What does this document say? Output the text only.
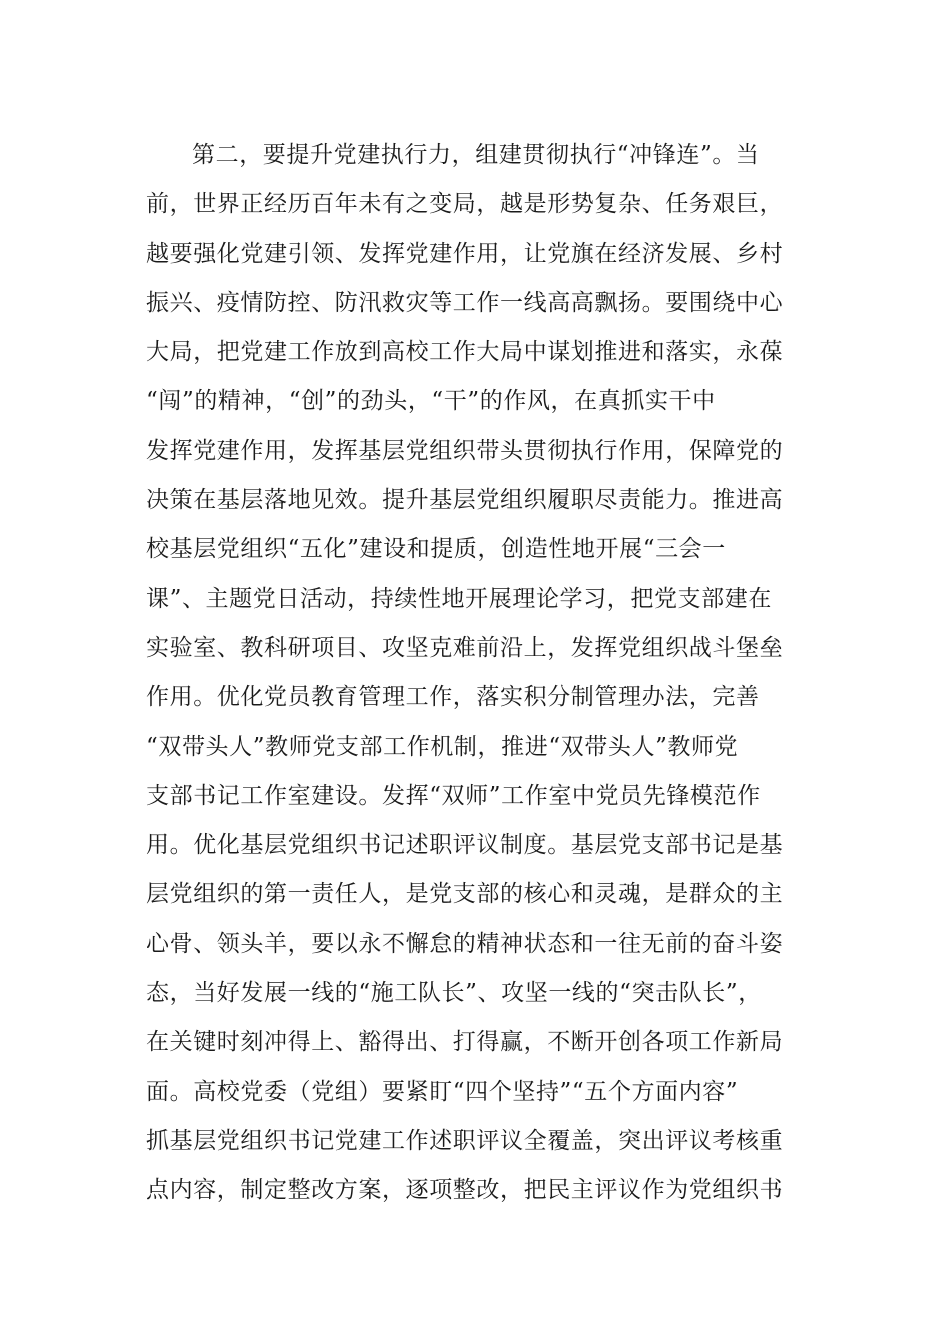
第二，要提升党建执行力，组建贯彻执行“冲锋连”。当
前，世界正经历百年未有之变局，越是形势复杂、任务艰巨，
越要强化党建引领、发挥党建作用，让党旗在经济发展、乡村
振兴、疫情防控、防汛救灾等工作一线高高飘扬。要围绕中心
大局，把党建工作放到高校工作大局中谋划推进和落实，永葆
“闯”的精神，“创”的劲头，“干”的作风，在真抓实干中
发挥党建作用，发挥基层党组织带头贯彻执行作用，保障党的
决策在基层落地见效。提升基层党组织履职尽责能力。推进高
校基层党组织“五化”建设和提质，创造性地开展“三会一
课”、主题党日活动，持续性地开展理论学习，把党支部建在
实验室、教科研项目、攻坚克难前沿上，发挥党组织战斗堡垒
作用。优化党员教育管理工作，落实积分制管理办法，完善
“双带头人”教师党支部工作机制，推进“双带头人”教师党
支部书记工作室建设。发挥“双师”工作室中党员先锋模范作
用。优化基层党组织书记述职评议制度。基层党支部书记是基
层党组织的第一责任人，是党支部的核心和灵魂，是群众的主
心骨、领头羊，要以永不懈怠的精神状态和一往无前的奋斗姿
态，当好发展一线的“施工队长”、攻坚一线的“突击队长”，
在关键时刻冲得上、豁得出、打得赢，不断开创各项工作新局
面。高校党委（党组）要紧盯“四个坚持”“五个方面内容”
抓基层党组织书记党建工作述职评议全覆盖，突出评议考核重
点内容，制定整改方案，逐项整改，把民主评议作为党组织书
